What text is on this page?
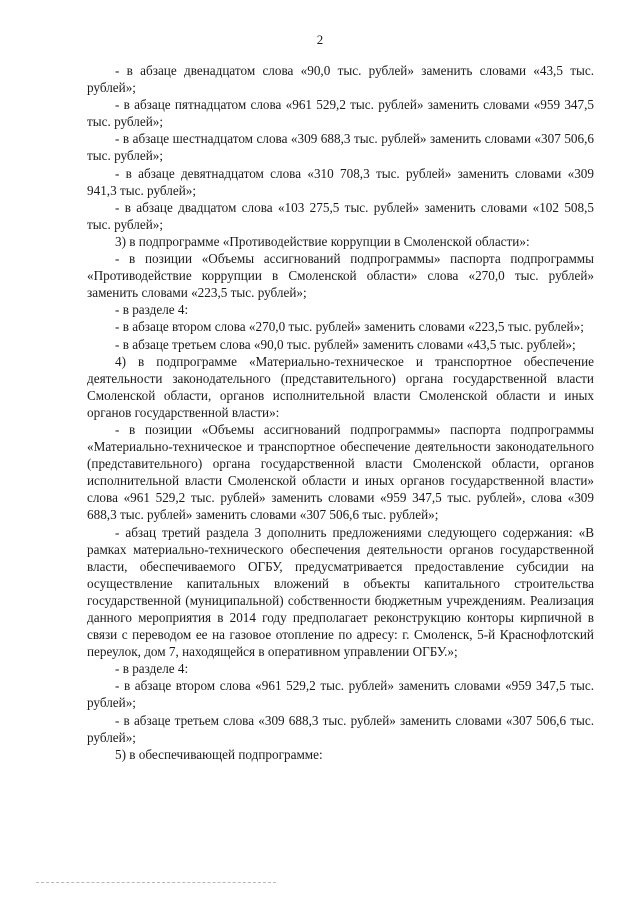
2

- в абзаце двенадцатом слова «90,0 тыс. рублей» заменить словами «43,5 тыс. рублей»;

- в абзаце пятнадцатом слова «961 529,2 тыс. рублей» заменить словами «959 347,5 тыс. рублей»;

- в абзаце шестнадцатом слова «309 688,3 тыс. рублей» заменить словами «307 506,6 тыс. рублей»;

- в абзаце девятнадцатом слова «310 708,3 тыс. рублей» заменить словами «309 941,3 тыс. рублей»;

- в абзаце двадцатом слова «103 275,5 тыс. рублей» заменить словами «102 508,5 тыс. рублей»;

3) в подпрограмме «Противодействие коррупции в Смоленской области»:

- в позиции «Объемы ассигнований подпрограммы» паспорта подпрограммы «Противодействие коррупции в Смоленской области» слова «270,0 тыс. рублей» заменить словами «223,5 тыс. рублей»;

- в разделе 4:

- в абзаце втором слова «270,0 тыс. рублей» заменить словами «223,5 тыс. рублей»;

- в абзаце третьем слова «90,0 тыс. рублей» заменить словами «43,5 тыс. рублей»;

4) в подпрограмме «Материально-техническое и транспортное обеспечение деятельности законодательного (представительного) органа государственной власти Смоленской области, органов исполнительной власти Смоленской области и иных органов государственной власти»:

- в позиции «Объемы ассигнований подпрограммы» паспорта подпрограммы «Материально-техническое и транспортное обеспечение деятельности законодательного (представительного) органа государственной власти Смоленской области, органов исполнительной власти Смоленской области и иных органов государственной власти» слова «961 529,2 тыс. рублей» заменить словами «959 347,5 тыс. рублей», слова «309 688,3 тыс. рублей» заменить словами «307 506,6 тыс. рублей»;

- абзац третий раздела 3 дополнить предложениями следующего содержания: «В рамках материально-технического обеспечения деятельности органов государственной власти, обеспечиваемого ОГБУ, предусматривается предоставление субсидии на осуществление капитальных вложений в объекты капитального строительства государственной (муниципальной) собственности бюджетным учреждениям. Реализация данного мероприятия в 2014 году предполагает реконструкцию конторы кирпичной в связи с переводом ее на газовое отопление по адресу: г. Смоленск, 5-й Краснофлотский переулок, дом 7, находящейся в оперативном управлении ОГБУ.»;

- в разделе 4:

- в абзаце втором слова «961 529,2 тыс. рублей» заменить словами «959 347,5 тыс. рублей»;

- в абзаце третьем слова «309 688,3 тыс. рублей» заменить словами «307 506,6 тыс. рублей»;

5) в обеспечивающей подпрограмме:
